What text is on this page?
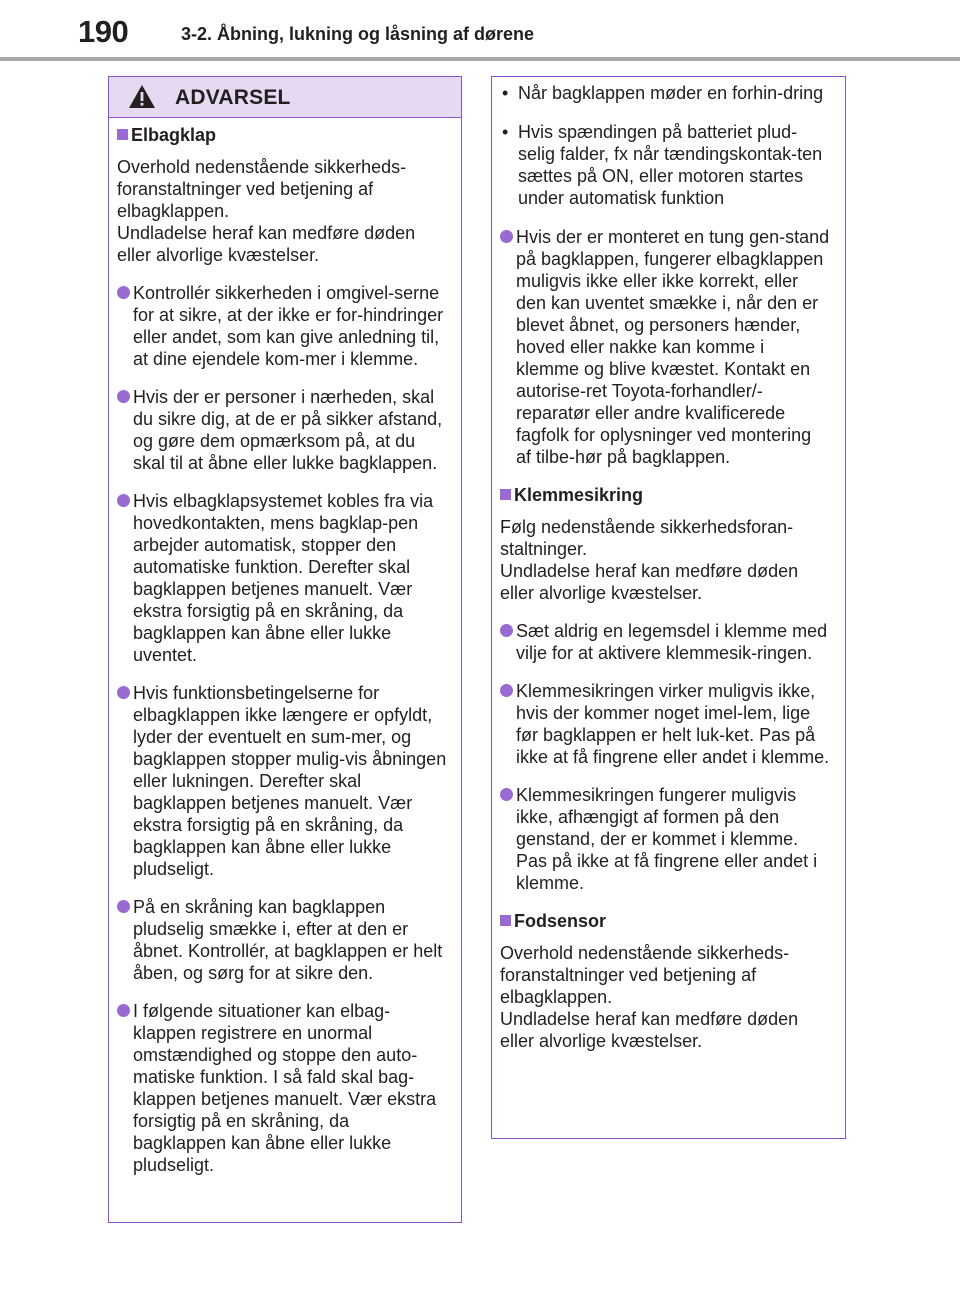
190	3-2. Åbning, lukning og låsning af dørene
ADVARSEL
Elbagklap

Overhold nedenstående sikkerheds-foranstaltninger ved betjening af elbagklappen.
Undladelse heraf kan medføre døden eller alvorlige kvæstelser.

Kontrollér sikkerheden i omgivel-serne for at sikre, at der ikke er for-hindringer eller andet, som kan give anledning til, at dine ejendele kom-mer i klemme.
Hvis der er personer i nærheden, skal du sikre dig, at de er på sikker afstand, og gøre dem opmærksom på, at du skal til at åbne eller lukke bagklappen.
Hvis elbagklapsystemet kobles fra via hovedkontakten, mens bagklap-pen arbejder automatisk, stopper den automatiske funktion. Derefter skal bagklappen betjenes manuelt. Vær ekstra forsigtig på en skråning, da bagklappen kan åbne eller lukke uventet.
Hvis funktionsbetingelserne for elbagklappen ikke længere er opfyldt, lyder der eventuelt en sum-mer, og bagklappen stopper mulig-vis åbningen eller lukningen. Derefter skal bagklappen betjenes manuelt. Vær ekstra forsigtig på en skråning, da bagklappen kan åbne eller lukke pludseligt.
På en skråning kan bagklappen pludselig smække i, efter at den er åbnet. Kontrollér, at bagklappen er helt åben, og sørg for at sikre den.
I følgende situationer kan elbag-klappen registrere en unormal omstændighed og stoppe den auto-matiske funktion. I så fald skal bag-klappen betjenes manuelt. Vær ekstra forsigtig på en skråning, da bagklappen kan åbne eller lukke pludseligt.
• Når bagklappen møder en forhin-dring
• Hvis spændingen på batteriet plud-selig falder, fx når tændingskontak-ten sættes på ON, eller motoren startes under automatisk funktion
Hvis der er monteret en tung gen-stand på bagklappen, fungerer elbagklappen muligvis ikke eller ikke korrekt, eller den kan uventet smække i, når den er blevet åbnet, og personers hænder, hoved eller nakke kan komme i klemme og blive kvæstet. Kontakt en autorise-ret Toyota-forhandler/-reparatør eller andre kvalificerede fagfolk for oplysninger ved montering af tilbe-hør på bagklappen.
Klemmesikring

Følg nedenstående sikkerhedsforan-staltninger.
Undladelse heraf kan medføre døden eller alvorlige kvæstelser.

Sæt aldrig en legemsdel i klemme med vilje for at aktivere klemmesik-ringen.
Klemmesikringen virker muligvis ikke, hvis der kommer noget imel-lem, lige før bagklappen er helt luk-ket. Pas på ikke at få fingrene eller andet i klemme.
Klemmesikringen fungerer muligvis ikke, afhængigt af formen på den genstand, der er kommet i klemme. Pas på ikke at få fingrene eller andet i klemme.
Fodsensor

Overhold nedenstående sikkerheds-foranstaltninger ved betjening af elbagklappen.
Undladelse heraf kan medføre døden eller alvorlige kvæstelser.
